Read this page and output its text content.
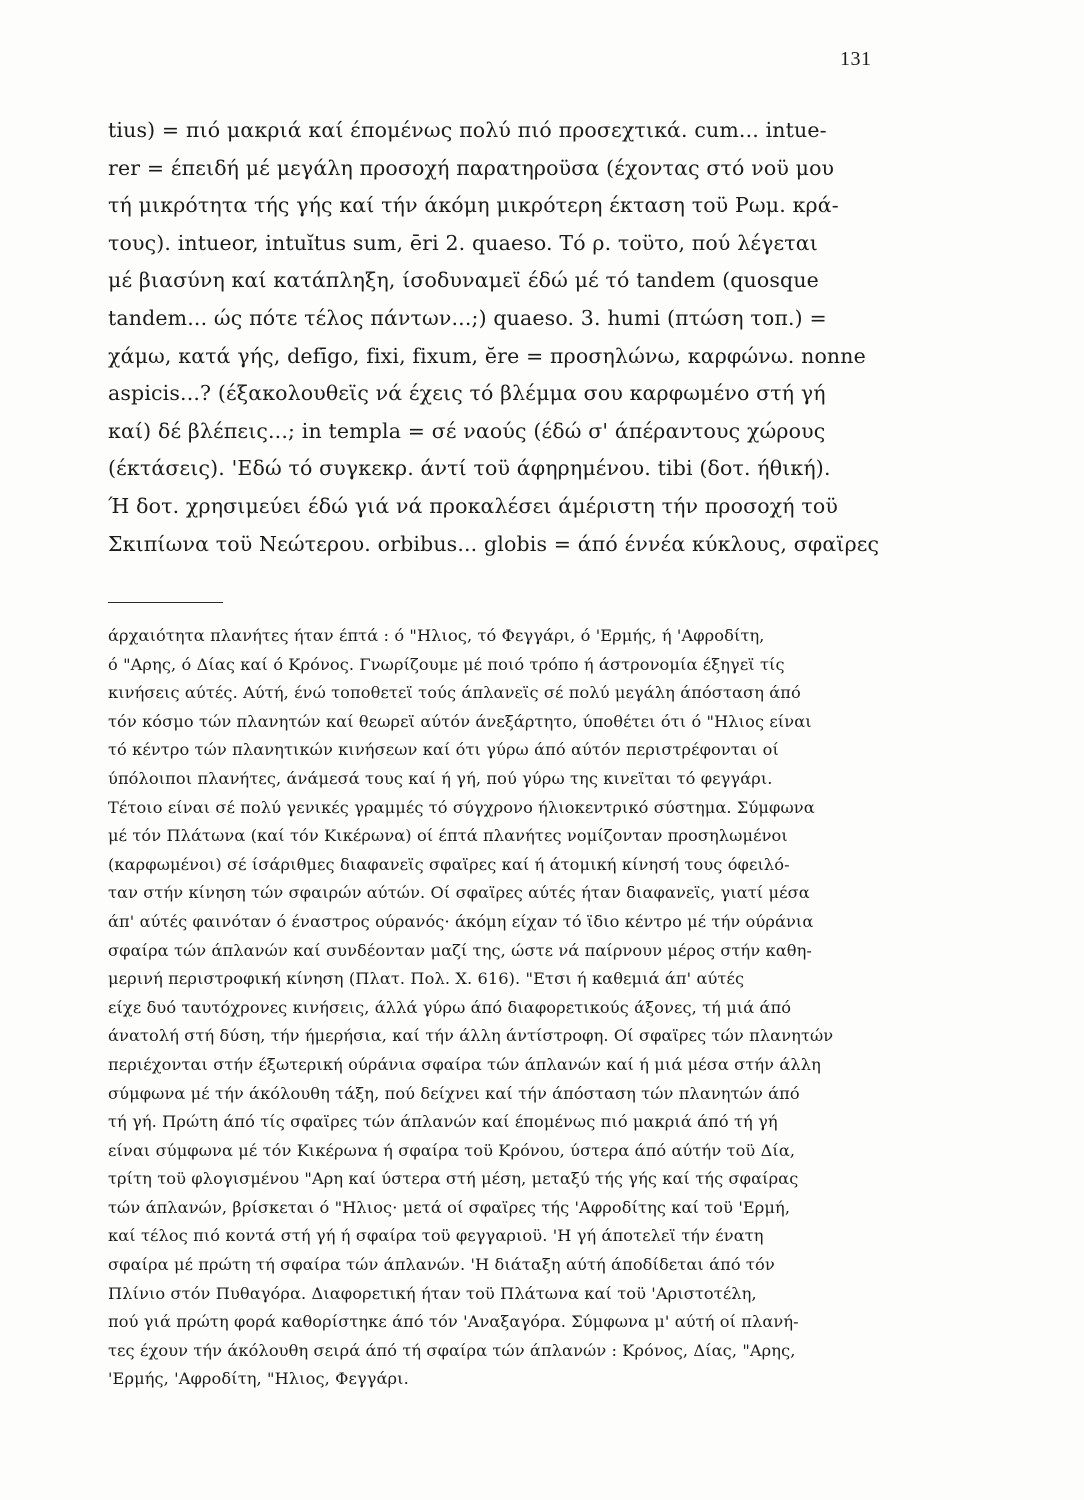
131
tius) = πιό μακριά καί έπομένως πολύ πιό προσεχτικά. cum... intue-
rer = έπειδή μέ μεγάλη προσοχή παρατηροϋσα (έχοντας στό νοϋ μου
τή μικρότητα τής γής καί τήν άκόμη μικρότερη έκταση τοϋ Ρωμ. κρά-
τους). intueor, intuĭtus sum, ēri 2. quaeso. Τό ρ. τοϋτο, πού λέγεται
μέ βιασύνη καί κατάπληξη, ίσοδυναμεϊ έδώ μέ τό tandem (quosque
tandem... ώς πότε τέλος πάντων...;) quaeso. 3. humi (πτώση τοπ.) =
χάμω, κατά γής, defīgo, fixi, fixum, ĕre = προσηλώνω, καρφώνω. nonne
aspicis...? (έξακολουθεϊς νά έχεις τό βλέμμα σου καρφωμένο στή γή
καί) δέ βλέπεις...; in templa = σέ ναούς (έδώ σ' άπέραντους χώρους
(έκτάσεις). 'Εδώ τό συγκεκρ. άντί τοϋ άφηρημένου. tibi (δοτ. ήθική).
Ή δοτ. χρησιμεύει έδώ γιά νά προκαλέσει άμέριστη τήν προσοχή τοϋ
Σκιπίωνα τοϋ Νεώτερου. orbibus... globis = άπό έννέα κύκλους, σφαϊρες
άρχαιότητα πλανήτες ήταν έπτά : ό "Ηλιος, τό Φεγγάρι, ό 'Ερμής, ή 'Αφροδίτη,
ό "Αρης, ό Δίας καί ό Κρόνος. Γνωρίζουμε μέ ποιό τρόπο ή άστρονομία έξηγεϊ τίς
κινήσεις αύτές. Αύτή, ένώ τοποθετεϊ τούς άπλανεϊς σέ πολύ μεγάλη άπόσταση άπό
τόν κόσμο τών πλανητών καί θεωρεϊ αύτόν άνεξάρτητο, ύποθέτει ότι ό "Ηλιος είναι
τό κέντρο τών πλανητικών κινήσεων καί ότι γύρω άπό αύτόν περιστρέφονται οί
ύπόλοιποι πλανήτες, άνάμεσά τους καί ή γή, πού γύρω της κινεϊται τό φεγγάρι.
Τέτοιο είναι σέ πολύ γενικές γραμμές τό σύγχρονο ήλιοκεντρικό σύστημα. Σύμφωνα
μέ τόν Πλάτωνα (καί τόν Κικέρωνα) οί έπτά πλανήτες νομίζονταν προσηλωμένοι
(καρφωμένοι) σέ ίσάριθμες διαφανεϊς σφαϊρες καί ή άτομική κίνησή τους όφειλό-
ταν στήν κίνηση τών σφαιρών αύτών. Οί σφαϊρες αύτές ήταν διαφανεϊς, γιατί μέσα
άπ' αύτές φαινόταν ό έναστρος ούρανός· άκόμη είχαν τό ϊδιο κέντρο μέ τήν ούράνια
σφαίρα τών άπλανών καί συνδέονταν μαζί της, ώστε νά παίρνουν μέρος στήν καθη-
μερινή περιστροφική κίνηση (Πλατ. Πολ. Χ. 616). "Ετσι ή καθεμιά άπ' αύτές
είχε δυό ταυτόχρονες κινήσεις, άλλά γύρω άπό διαφορετικούς άξονες, τή μιά άπό
άνατολή στή δύση, τήν ήμερήσια, καί τήν άλλη άντίστροφη. Οί σφαϊρες τών πλανητών
περιέχονται στήν έξωτερική ούράνια σφαίρα τών άπλανών καί ή μιά μέσα στήν άλλη
σύμφωνα μέ τήν άκόλουθη τάξη, πού δείχνει καί τήν άπόσταση τών πλανητών άπό
τή γή. Πρώτη άπό τίς σφαϊρες τών άπλανών καί έπομένως πιό μακριά άπό τή γή
είναι σύμφωνα μέ τόν Κικέρωνα ή σφαίρα τοϋ Κρόνου, ύστερα άπό αύτήν τοϋ Δία,
τρίτη τοϋ φλογισμένου "Αρη καί ύστερα στή μέση, μεταξύ τής γής καί τής σφαίρας
τών άπλανών, βρίσκεται ό "Ηλιος· μετά οί σφαϊρες τής 'Αφροδίτης καί τοϋ 'Ερμή,
καί τέλος πιό κοντά στή γή ή σφαίρα τοϋ φεγγαριοϋ. 'Η γή άποτελεϊ τήν ένατη
σφαίρα μέ πρώτη τή σφαίρα τών άπλανών. 'Η διάταξη αύτή άποδίδεται άπό τόν
Πλίνιο στόν Πυθαγόρα. Διαφορετική ήταν τοϋ Πλάτωνα καί τοϋ 'Αριστοτέλη,
πού γιά πρώτη φορά καθορίστηκε άπό τόν 'Αναξαγόρα. Σύμφωνα μ' αύτή οί πλανή-
τες έχουν τήν άκόλουθη σειρά άπό τή σφαίρα τών άπλανών : Κρόνος, Δίας, "Αρης,
'Ερμής, 'Αφροδίτη, "Ηλιος, Φεγγάρι.
